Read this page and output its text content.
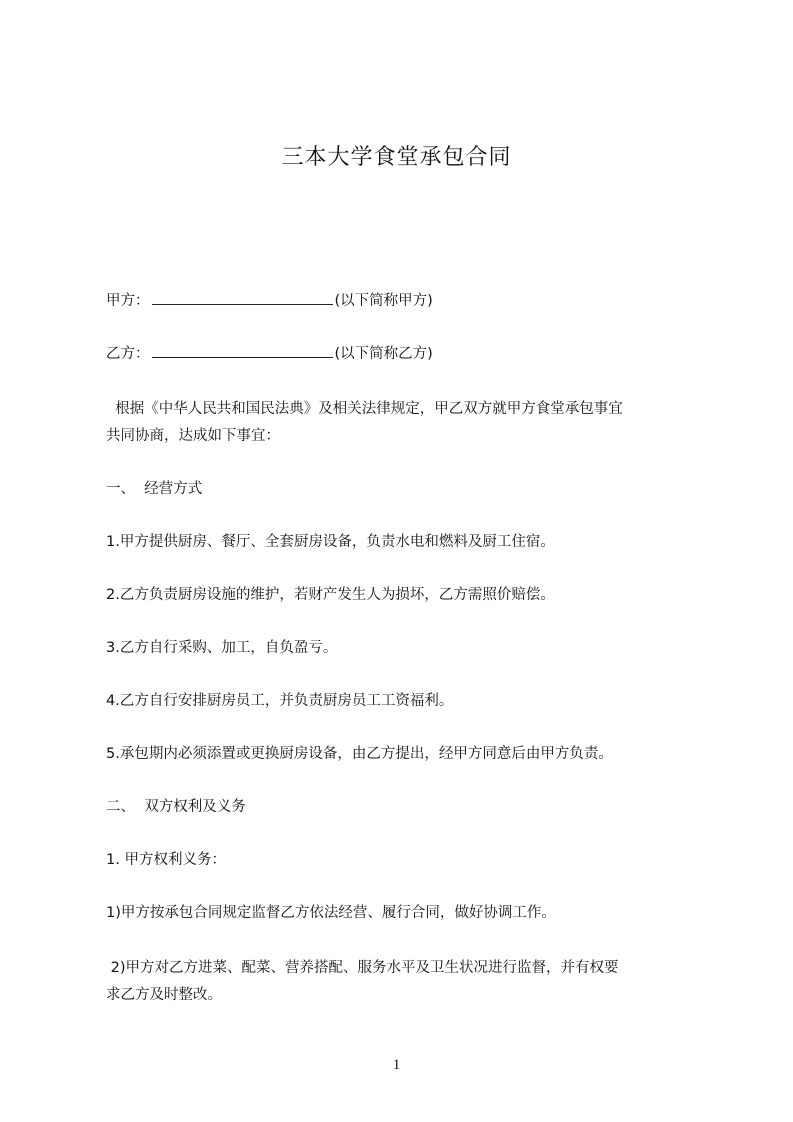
三本大学食堂承包合同
甲方：	(以下简称甲方)
乙方：	(以下简称乙方)
根据《中华人民共和国民法典》及相关法律规定，甲乙双方就甲方食堂承包事宜
共同协商，达成如下事宜：
一、  经营方式
1.甲方提供厨房、餐厅、全套厨房设备，负责水电和燃料及厨工住宿。
2.乙方负责厨房设施的维护，若财产发生人为损坏，乙方需照价赔偿。
3.乙方自行采购、加工，自负盈亏。
4.乙方自行安排厨房员工，并负责厨房员工工资福利。
5.承包期内必须添置或更换厨房设备，由乙方提出，经甲方同意后由甲方负责。
二、  双方权利及义务
1. 甲方权利义务：
1)甲方按承包合同规定监督乙方依法经营、履行合同，做好协调工作。
2)甲方对乙方进菜、配菜、营养搭配、服务水平及卫生状况进行监督，并有权要
求乙方及时整改。
1
